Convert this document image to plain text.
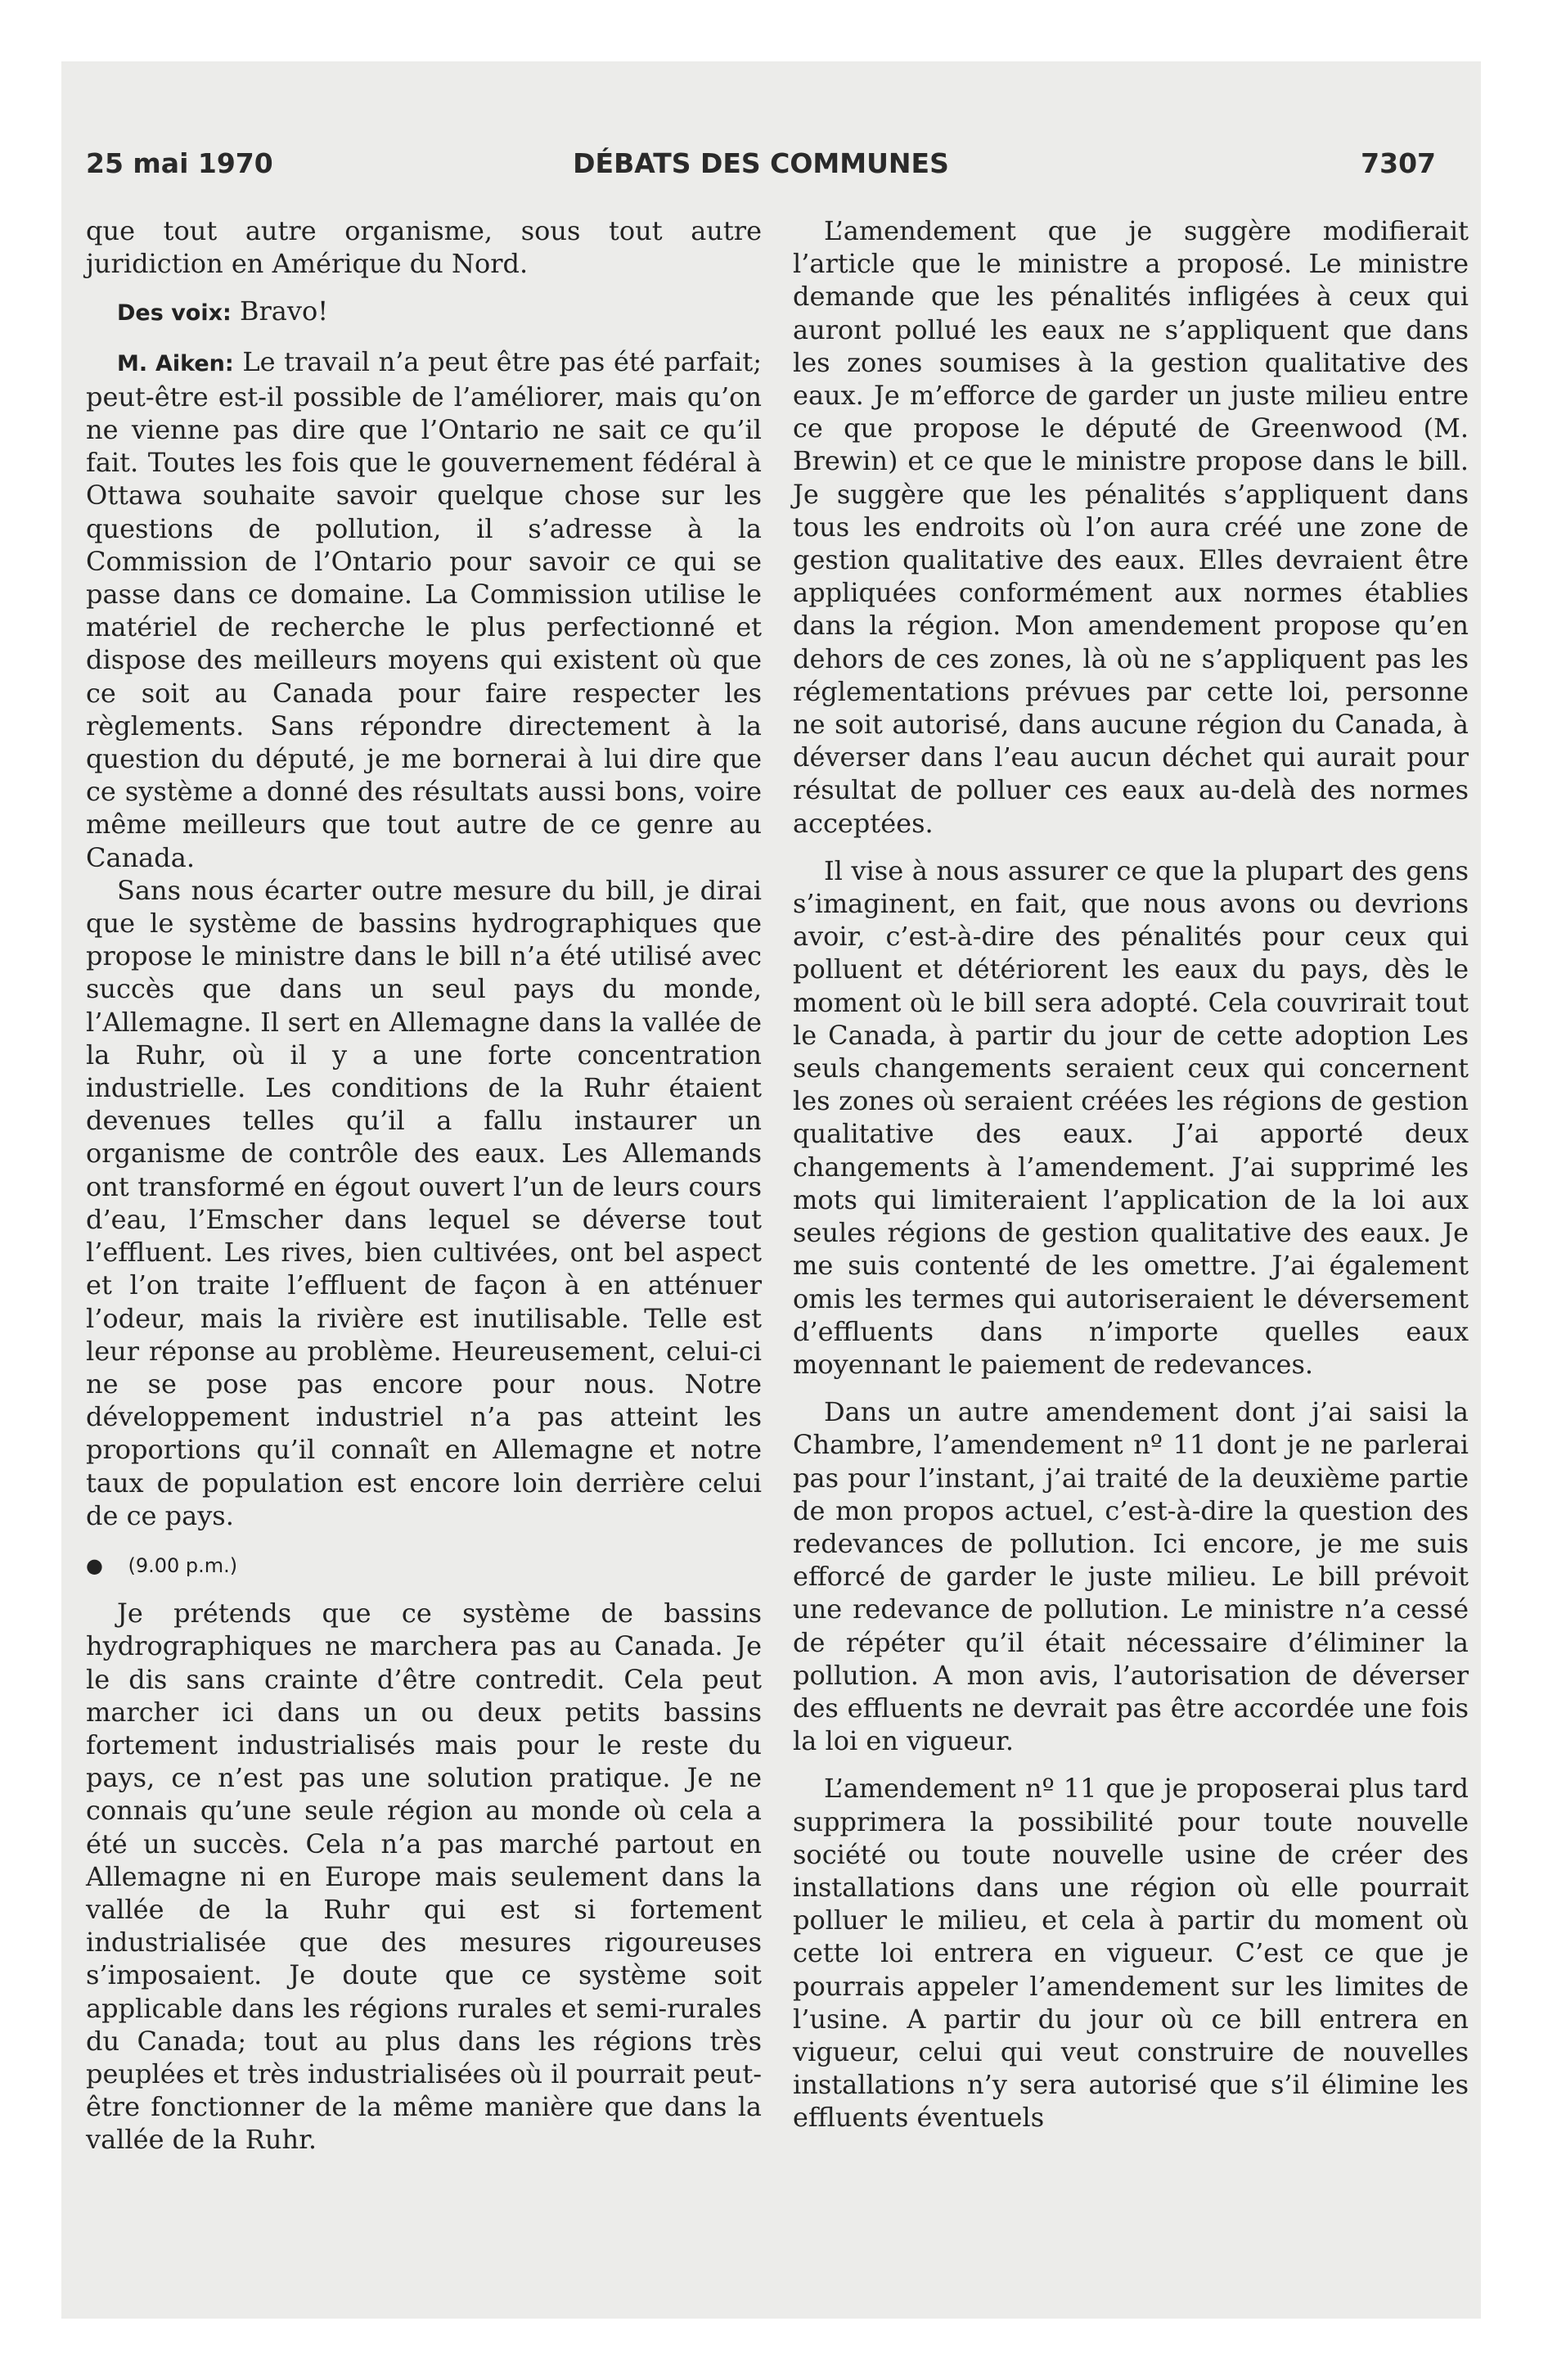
25 mai 1970	DÉBATS DES COMMUNES	7307

que tout autre organisme, sous tout autre juridiction en Amérique du Nord.

Des voix: Bravo!

M. Aiken: Le travail n’a peut être pas été parfait; peut-être est-il possible de l’améliorer, mais qu’on ne vienne pas dire que l’Ontario ne sait ce qu’il fait. Toutes les fois que le gouvernement fédéral à Ottawa souhaite savoir quelque chose sur les questions de pollution, il s’adresse à la Commission de l’Ontario pour savoir ce qui se passe dans ce domaine. La Commission utilise le matériel de recherche le plus perfectionné et dispose des meilleurs moyens qui existent où que ce soit au Canada pour faire respecter les règlements. Sans répondre directement à la question du député, je me bornerai à lui dire que ce système a donné des résultats aussi bons, voire même meilleurs que tout autre de ce genre au Canada.

Sans nous écarter outre mesure du bill, je dirai que le système de bassins hydrographiques que propose le ministre dans le bill n’a été utilisé avec succès que dans un seul pays du monde, l’Allemagne. Il sert en Allemagne dans la vallée de la Ruhr, où il y a une forte concentration industrielle. Les conditions de la Ruhr étaient devenues telles qu’il a fallu instaurer un organisme de contrôle des eaux. Les Allemands ont transformé en égout ouvert l’un de leurs cours d’eau, l’Emscher dans lequel se déverse tout l’effluent. Les rives, bien cultivées, ont bel aspect et l’on traite l’effluent de façon à en atténuer l’odeur, mais la rivière est inutilisable. Telle est leur réponse au problème. Heureusement, celui-ci ne se pose pas encore pour nous. Notre développement industriel n’a pas atteint les proportions qu’il connaît en Allemagne et notre taux de population est encore loin derrière celui de ce pays.

● (9.00 p.m.)

Je prétends que ce système de bassins hydrographiques ne marchera pas au Canada. Je le dis sans crainte d’être contredit. Cela peut marcher ici dans un ou deux petits bassins fortement industrialisés mais pour le reste du pays, ce n’est pas une solution pratique. Je ne connais qu’une seule région au monde où cela a été un succès. Cela n’a pas marché partout en Allemagne ni en Europe mais seulement dans la vallée de la Ruhr qui est si fortement industrialisée que des mesures rigoureuses s’imposaient. Je doute que ce système soit applicable dans les régions rurales et semi-rurales du Canada; tout au plus dans les régions très peuplées et très industrialisées où il pourrait peut-être fonctionner de la même manière que dans la vallée de la Ruhr.

L’amendement que je suggère modifierait l’article que le ministre a proposé. Le ministre demande que les pénalités infligées à ceux qui auront pollué les eaux ne s’appliquent que dans les zones soumises à la gestion qualitative des eaux. Je m’efforce de garder un juste milieu entre ce que propose le député de Greenwood (M. Brewin) et ce que le ministre propose dans le bill. Je suggère que les pénalités s’appliquent dans tous les endroits où l’on aura créé une zone de gestion qualitative des eaux. Elles devraient être appliquées conformément aux normes établies dans la région. Mon amendement propose qu’en dehors de ces zones, là où ne s’appliquent pas les réglementations prévues par cette loi, personne ne soit autorisé, dans aucune région du Canada, à déverser dans l’eau aucun déchet qui aurait pour résultat de polluer ces eaux au-delà des normes acceptées.

Il vise à nous assurer ce que la plupart des gens s’imaginent, en fait, que nous avons ou devrions avoir, c’est-à-dire des pénalités pour ceux qui polluent et détériorent les eaux du pays, dès le moment où le bill sera adopté. Cela couvrirait tout le Canada, à partir du jour de cette adoption Les seuls changements seraient ceux qui concernent les zones où seraient créées les régions de gestion qualitative des eaux. J’ai apporté deux changements à l’amendement. J’ai supprimé les mots qui limiteraient l’application de la loi aux seules régions de gestion qualitative des eaux. Je me suis contenté de les omettre. J’ai également omis les termes qui autoriseraient le déversement d’effluents dans n’importe quelles eaux moyennant le paiement de redevances.

Dans un autre amendement dont j’ai saisi la Chambre, l’amendement nº 11 dont je ne parlerai pas pour l’instant, j’ai traité de la deuxième partie de mon propos actuel, c’est-à-dire la question des redevances de pollution. Ici encore, je me suis efforcé de garder le juste milieu. Le bill prévoit une redevance de pollution. Le ministre n’a cessé de répéter qu’il était nécessaire d’éliminer la pollution. A mon avis, l’autorisation de déverser des effluents ne devrait pas être accordée une fois la loi en vigueur.

L’amendement nº 11 que je proposerai plus tard supprimera la possibilité pour toute nouvelle société ou toute nouvelle usine de créer des installations dans une région où elle pourrait polluer le milieu, et cela à partir du moment où cette loi entrera en vigueur. C’est ce que je pourrais appeler l’amendement sur les limites de l’usine. A partir du jour où ce bill entrera en vigueur, celui qui veut construire de nouvelles installations n’y sera autorisé que s’il élimine les effluents éventuels
